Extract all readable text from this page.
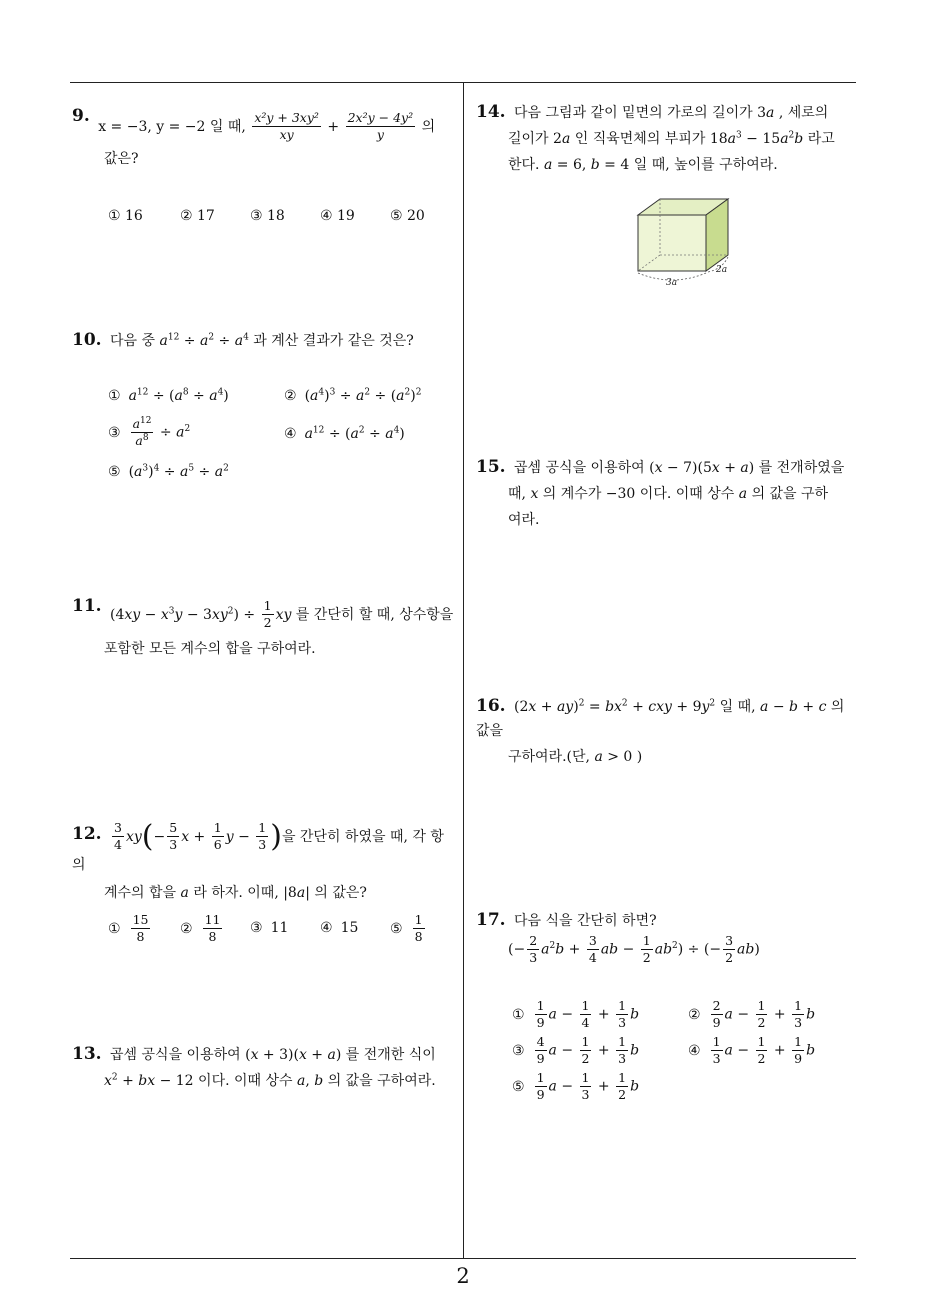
2
9. x = −3, y = −2 일 때, $\frac{\text{x²y + 3xy²}}{xy} + \frac{\text{2x²y − 4y²}}{y}$ 의
값은?
① 16	② 17	③ 18	④ 19	⑤ 20
10. 다음 중 $a^{12} \div a^2 \div a^4$ 과 계산 결과가 같은 것은?
① $a^{12} \div (a^8 \div a^4)$	② $(a^4)^3 \div a^2 \div (a^2)^2$
③ $\frac{a^{12}}{a^8} \div a^2$	④ $a^{12} \div (a^2 \div a^4)$
⑤ $(a^3)^4 \div a^5 \div a^2$
11. $(4xy - x^3y - 3xy^2) \div \frac{1}{2}$ xy 를 간단히 할 때, 상수항을
포함한 모든 계수의 합을 구하여라.
12. $\frac{3}{4} xy(- \frac{5}{3}$ $x + \frac{1}{6}$ $y - \frac{1}{3}$ )을 간단히 하였을 때, 각 항의
계수의 합을 a 라 하자. 이때, |8a| 의 값은?
① $\frac{15}{8}$ ② $\frac{11}{8}$ ③ 11 ④ 15 ⑤ $\frac{1}{8}$
13. 곱셈 공식을 이용하여 (x + 3)(x + a) 를 전개한 식이
$x^2$ + bx − 12 이다. 이때 상수 a, b 의 값을 구하여라.
14. 다음 그림과 같이 밑면의 가로의 길이가 3a , 세로의
길이가 2a 인 직육면체의 부피가 $18a^3 - 15a^2b$ 라고
한다. a = 6, b = 4 일 때, 높이를 구하여라.
3a
2a
15. 곱셈 공식을 이용하여 (x − 7)(5x + a) 를 전개하였을
때, x 의 계수가 −30 이다. 이때 상수 a 의 값을 구하
여라.
16. $(2x + ay)^2 = bx^2$ + cxy + $9y^2$ 일 때, a − b + c 의 값을
구하여라.(단, a > 0 )
17. 다음 식을 간단히 하면?
(− $\frac{2}{3} a^2b + \frac{3}{4}$ ab − $\frac{1}{2} ab^2$) ÷ (− $\frac{3}{2} ab$)
① $\frac{1}{9}$ $a - \frac{1}{4} + \frac{1}{3}$ b	② $\frac{2}{9}$ $a - \frac{1}{2} + \frac{1}{3}$ b
③ $\frac{4}{9}$ $a - \frac{1}{2} + \frac{1}{3}$ b	④ $\frac{1}{3}$ $a - \frac{1}{2} + \frac{1}{9}$ b
⑤ $\frac{1}{9}$ $a - \frac{1}{3} + \frac{1}{2}$ b
